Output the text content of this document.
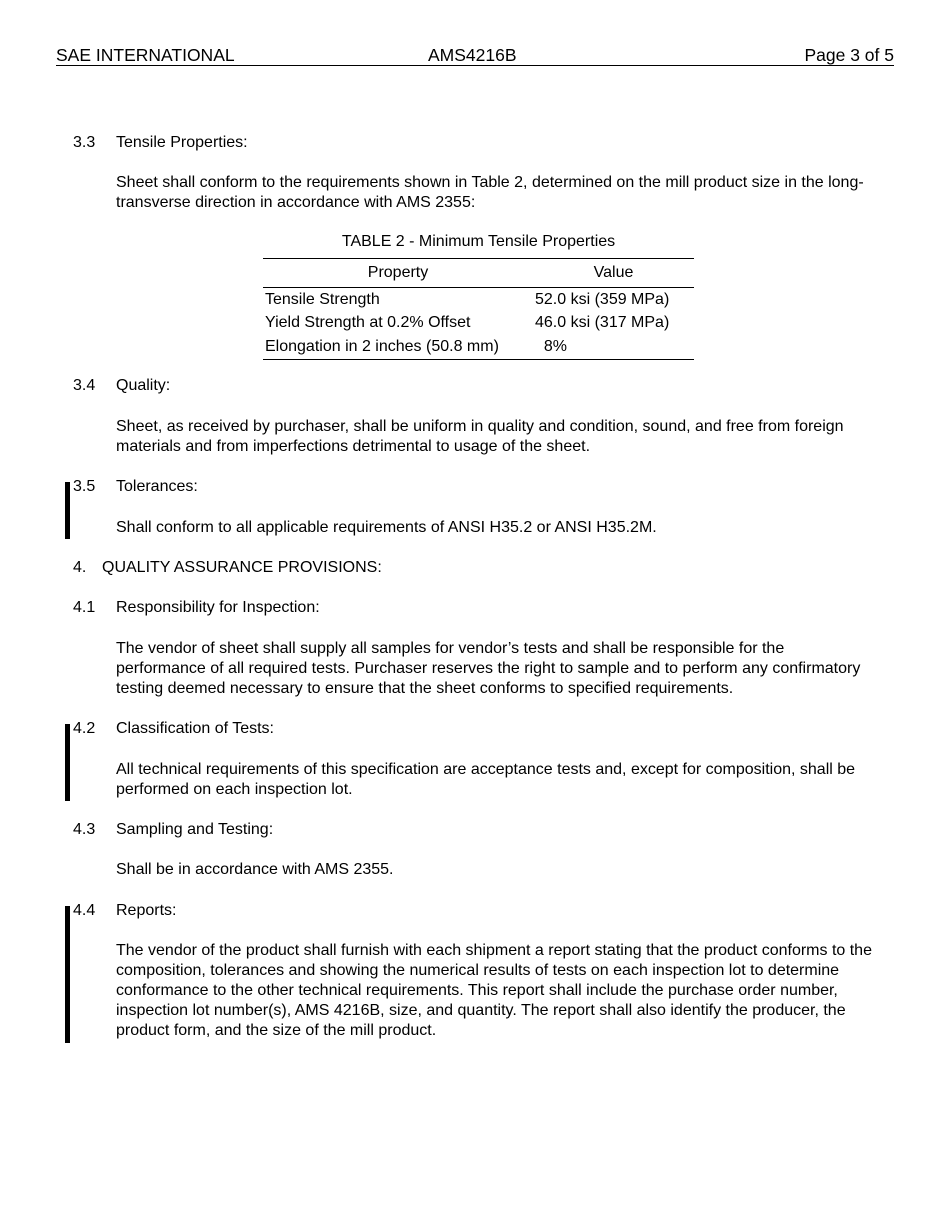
SAE INTERNATIONAL	AMS4216B	Page 3 of 5
3.3 Tensile Properties:
Sheet shall conform to the requirements shown in Table 2, determined on the mill product size in the long-transverse direction in accordance with AMS 2355:
TABLE 2 - Minimum Tensile Properties
Property	Value
Tensile Strength	52.0 ksi (359 MPa)
Yield Strength at 0.2% Offset	46.0 ksi (317 MPa)
Elongation in 2 inches (50.8 mm)	8%
3.4 Quality:
Sheet, as received by purchaser, shall be uniform in quality and condition, sound, and free from foreign materials and from imperfections detrimental to usage of the sheet.
3.5 Tolerances:
Shall conform to all applicable requirements of ANSI H35.2 or ANSI H35.2M.
4. QUALITY ASSURANCE PROVISIONS:
4.1 Responsibility for Inspection:
The vendor of sheet shall supply all samples for vendor’s tests and shall be responsible for the performance of all required tests. Purchaser reserves the right to sample and to perform any confirmatory testing deemed necessary to ensure that the sheet conforms to specified requirements.
4.2 Classification of Tests:
All technical requirements of this specification are acceptance tests and, except for composition, shall be performed on each inspection lot.
4.3 Sampling and Testing:
Shall be in accordance with AMS 2355.
4.4 Reports:
The vendor of the product shall furnish with each shipment a report stating that the product conforms to the composition, tolerances and showing the numerical results of tests on each inspection lot to determine conformance to the other technical requirements. This report shall include the purchase order number, inspection lot number(s), AMS 4216B, size, and quantity. The report shall also identify the producer, the product form, and the size of the mill product.
